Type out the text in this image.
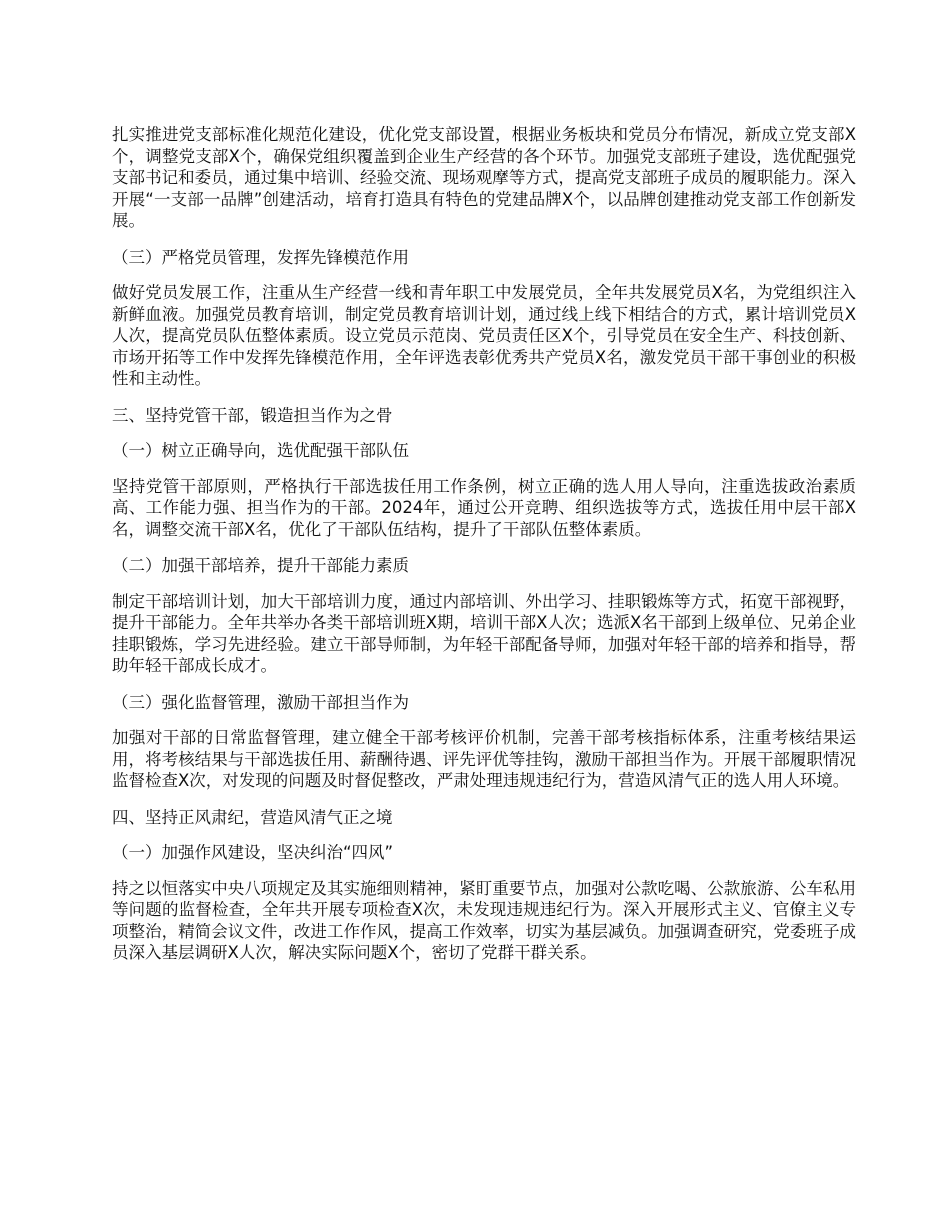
扎实推进党支部标准化规范化建设，优化党支部设置，根据业务板块和党员分布情况，新成立党支部X个，调整党支部X个，确保党组织覆盖到企业生产经营的各个环节。加强党支部班子建设，选优配强党支部书记和委员，通过集中培训、经验交流、现场观摩等方式，提高党支部班子成员的履职能力。深入开展“一支部一品牌”创建活动，培育打造具有特色的党建品牌X个，以品牌创建推动党支部工作创新发展。

（三）严格党员管理，发挥先锋模范作用

做好党员发展工作，注重从生产经营一线和青年职工中发展党员，全年共发展党员X名，为党组织注入新鲜血液。加强党员教育培训，制定党员教育培训计划，通过线上线下相结合的方式，累计培训党员X人次，提高党员队伍整体素质。设立党员示范岗、党员责任区X个，引导党员在安全生产、科技创新、市场开拓等工作中发挥先锋模范作用，全年评选表彰优秀共产党员X名，激发党员干部干事创业的积极性和主动性。

三、坚持党管干部，锻造担当作为之骨

（一）树立正确导向，选优配强干部队伍

坚持党管干部原则，严格执行干部选拔任用工作条例，树立正确的选人用人导向，注重选拔政治素质高、工作能力强、担当作为的干部。2024年，通过公开竞聘、组织选拔等方式，选拔任用中层干部X名，调整交流干部X名，优化了干部队伍结构，提升了干部队伍整体素质。

（二）加强干部培养，提升干部能力素质

制定干部培训计划，加大干部培训力度，通过内部培训、外出学习、挂职锻炼等方式，拓宽干部视野，提升干部能力。全年共举办各类干部培训班X期，培训干部X人次；选派X名干部到上级单位、兄弟企业挂职锻炼，学习先进经验。建立干部导师制，为年轻干部配备导师，加强对年轻干部的培养和指导，帮助年轻干部成长成才。

（三）强化监督管理，激励干部担当作为

加强对干部的日常监督管理，建立健全干部考核评价机制，完善干部考核指标体系，注重考核结果运用，将考核结果与干部选拔任用、薪酬待遇、评先评优等挂钩，激励干部担当作为。开展干部履职情况监督检查X次，对发现的问题及时督促整改，严肃处理违规违纪行为，营造风清气正的选人用人环境。

四、坚持正风肃纪，营造风清气正之境

（一）加强作风建设，坚决纠治“四风”

持之以恒落实中央八项规定及其实施细则精神，紧盯重要节点，加强对公款吃喝、公款旅游、公车私用等问题的监督检查，全年共开展专项检查X次，未发现违规违纪行为。深入开展形式主义、官僚主义专项整治，精简会议文件，改进工作作风，提高工作效率，切实为基层减负。加强调查研究，党委班子成员深入基层调研X人次，解决实际问题X个，密切了党群干群关系。
